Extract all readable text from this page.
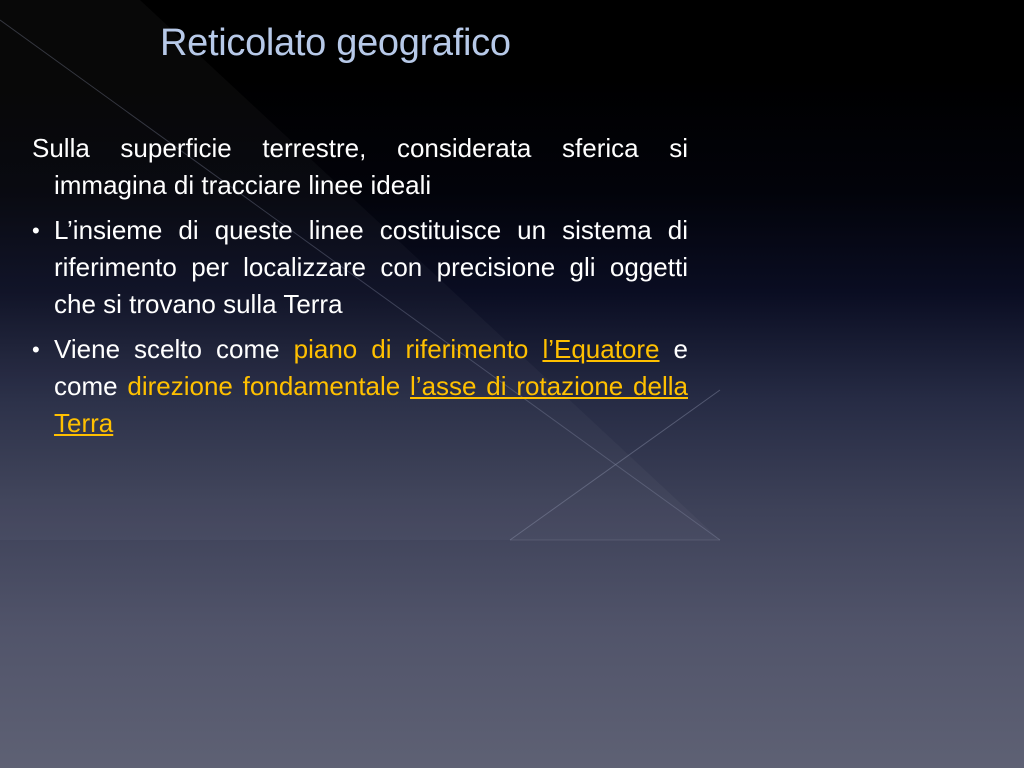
Reticolato geografico

Sulla superficie terrestre, considerata sferica si immagina di tracciare linee ideali

• L’insieme di queste linee costituisce un sistema di riferimento per localizzare con precisione gli oggetti che si trovano sulla Terra

• Viene scelto come piano di riferimento l’Equatore e come direzione fondamentale l’asse di rotazione della Terra
